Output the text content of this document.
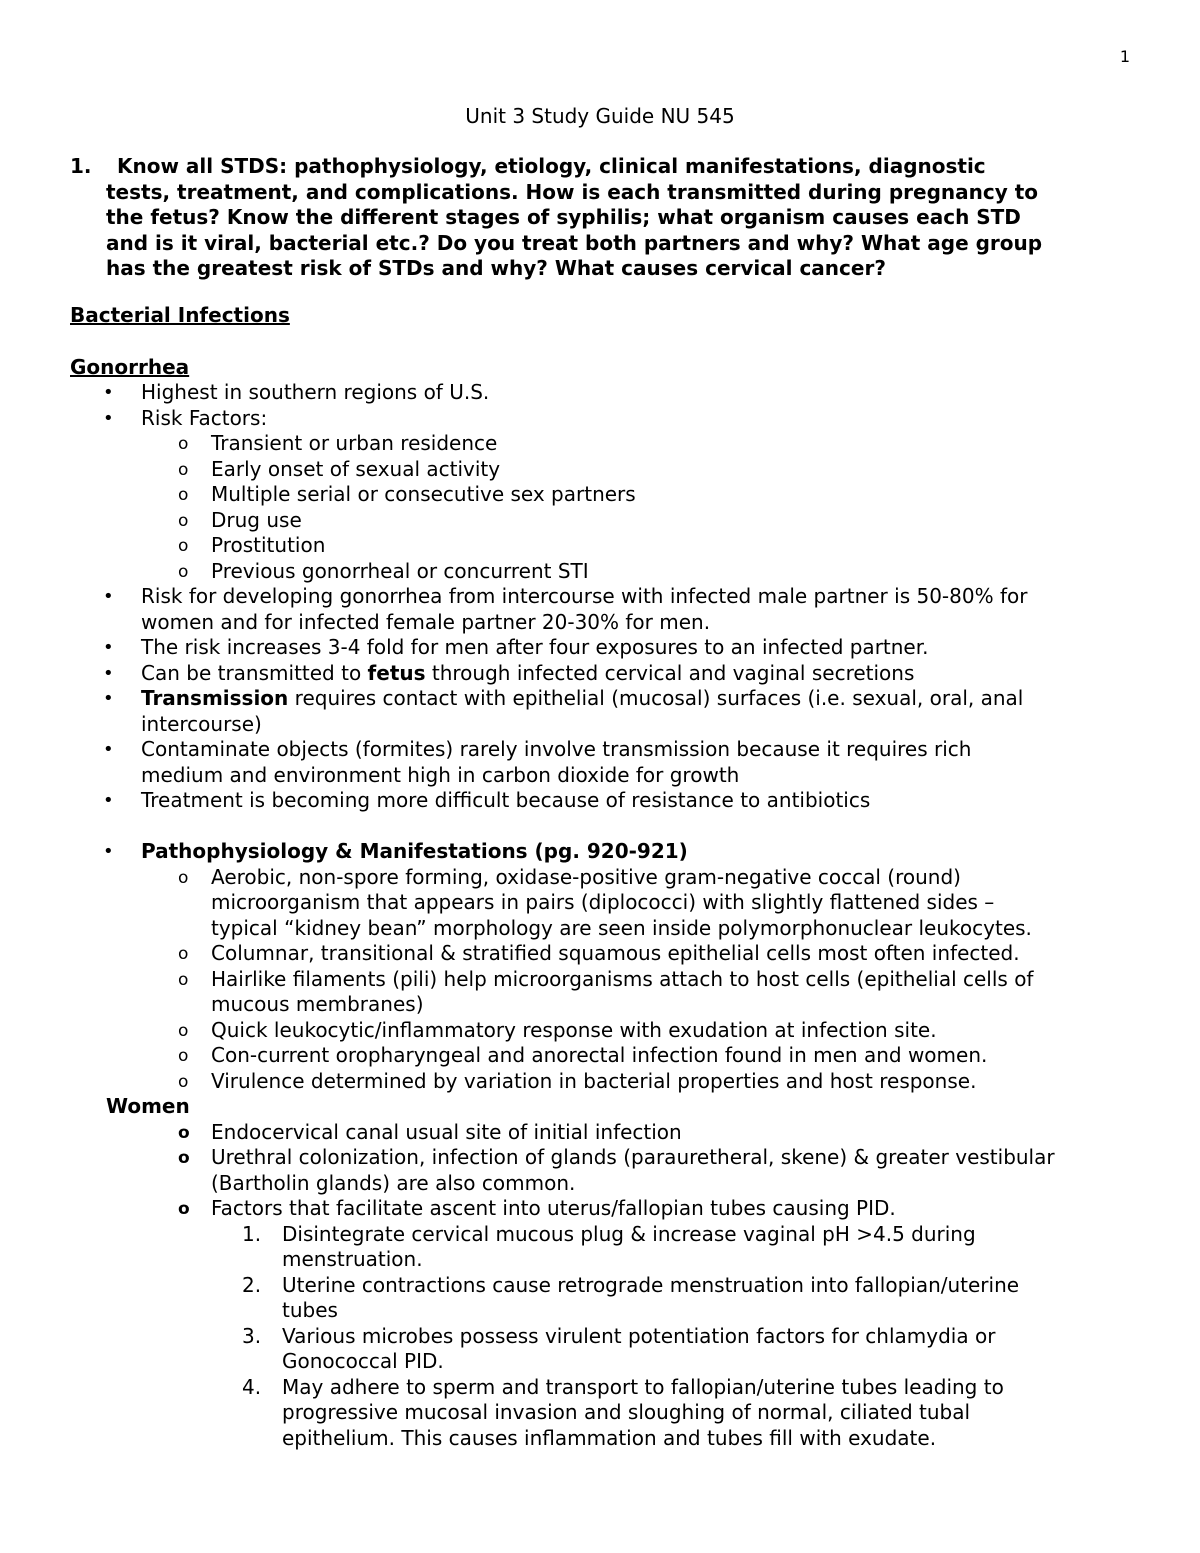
1
Unit 3 Study Guide NU 545
1.	Know all STDS: pathophysiology, etiology, clinical manifestations, diagnostic
tests, treatment, and complications. How is each transmitted during pregnancy to
the fetus? Know the different stages of syphilis; what organism causes each STD
and is it viral, bacterial etc.? Do you treat both partners and why? What age group
has the greatest risk of STDs and why? What causes cervical cancer?
Bacterial Infections
Gonorrhea
• Highest in southern regions of U.S.
• Risk Factors:
o Transient or urban residence
o Early onset of sexual activity
o Multiple serial or consecutive sex partners
o Drug use
o Prostitution
o Previous gonorrheal or concurrent STI
• Risk for developing gonorrhea from intercourse with infected male partner is 50-80% for
women and for infected female partner 20-30% for men.
• The risk increases 3-4 fold for men after four exposures to an infected partner.
• Can be transmitted to fetus through infected cervical and vaginal secretions
• Transmission requires contact with epithelial (mucosal) surfaces (i.e. sexual, oral, anal
intercourse)
• Contaminate objects (formites) rarely involve transmission because it requires rich
medium and environment high in carbon dioxide for growth
• Treatment is becoming more difficult because of resistance to antibiotics
• Pathophysiology & Manifestations (pg. 920-921)
o Aerobic, non-spore forming, oxidase-positive gram-negative coccal (round)
microorganism that appears in pairs (diplococci) with slightly flattened sides –
typical “kidney bean” morphology are seen inside polymorphonuclear leukocytes.
o Columnar, transitional & stratified squamous epithelial cells most often infected.
o Hairlike filaments (pili) help microorganisms attach to host cells (epithelial cells of
mucous membranes)
o Quick leukocytic/inflammatory response with exudation at infection site.
o Con-current oropharyngeal and anorectal infection found in men and women.
o Virulence determined by variation in bacterial properties and host response.
Women
o Endocervical canal usual site of initial infection
o Urethral colonization, infection of glands (parauretheral, skene) & greater vestibular
(Bartholin glands) are also common.
o Factors that facilitate ascent into uterus/fallopian tubes causing PID.
1. Disintegrate cervical mucous plug & increase vaginal pH >4.5 during
menstruation.
2. Uterine contractions cause retrograde menstruation into fallopian/uterine
tubes
3. Various microbes possess virulent potentiation factors for chlamydia or
Gonococcal PID.
4. May adhere to sperm and transport to fallopian/uterine tubes leading to
progressive mucosal invasion and sloughing of normal, ciliated tubal
epithelium. This causes inflammation and tubes fill with exudate.
